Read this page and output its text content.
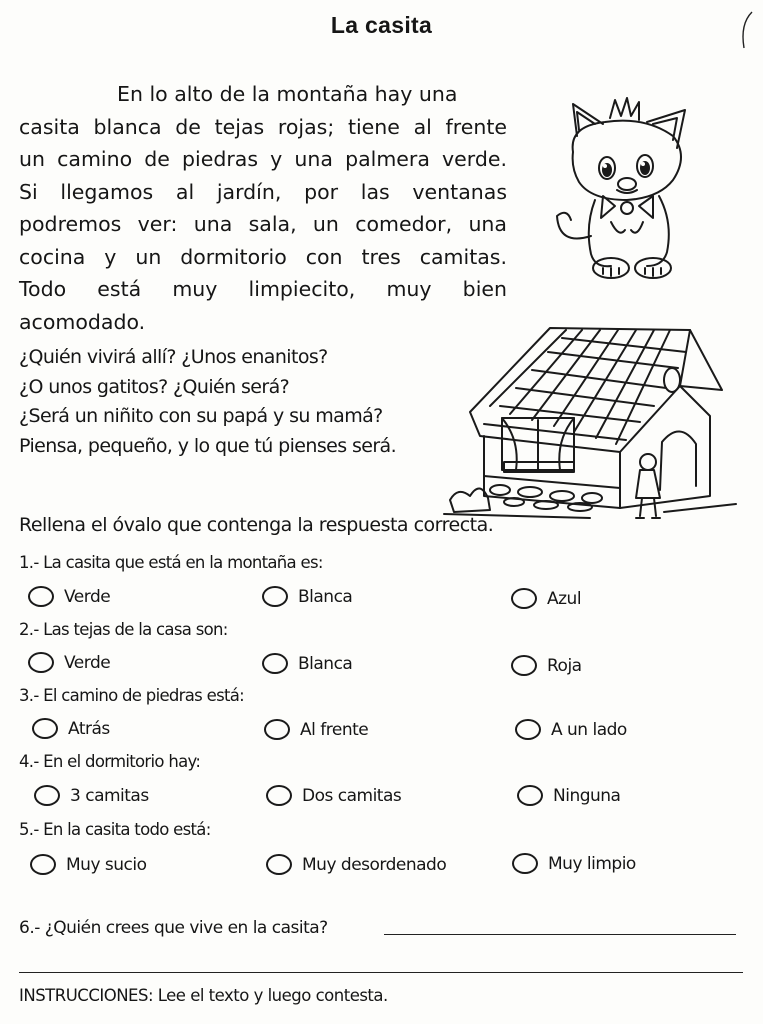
La casita
En lo alto de la montaña hay una
casita blanca de tejas rojas; tiene al frente
un camino de piedras y una palmera verde.
Si llegamos al jardín, por las ventanas
podremos ver: una sala, un comedor, una
cocina y un dormitorio con tres camitas.
Todo está muy limpiecito, muy bien
acomodado.
¿Quién vivirá allí? ¿Unos enanitos?
¿O unos gatitos? ¿Quién será?
¿Será un niñito con su papá y su mamá?
Piensa, pequeño, y lo que tú pienses será.
Rellena el óvalo que contenga la respuesta correcta.
1.- La casita que está en la montaña es:
Verde	Blanca	Azul
2.- Las tejas de la casa son:
Verde	Blanca	Roja
3.- El camino de piedras está:
Atrás	Al frente	A un lado
4.- En el dormitorio hay:
3 camitas	Dos camitas	Ninguna
5.- En la casita todo está:
Muy sucio	Muy desordenado	Muy limpio
6.- ¿Quién crees que vive en la casita?
INSTRUCCIONES: Lee el texto y luego contesta.
